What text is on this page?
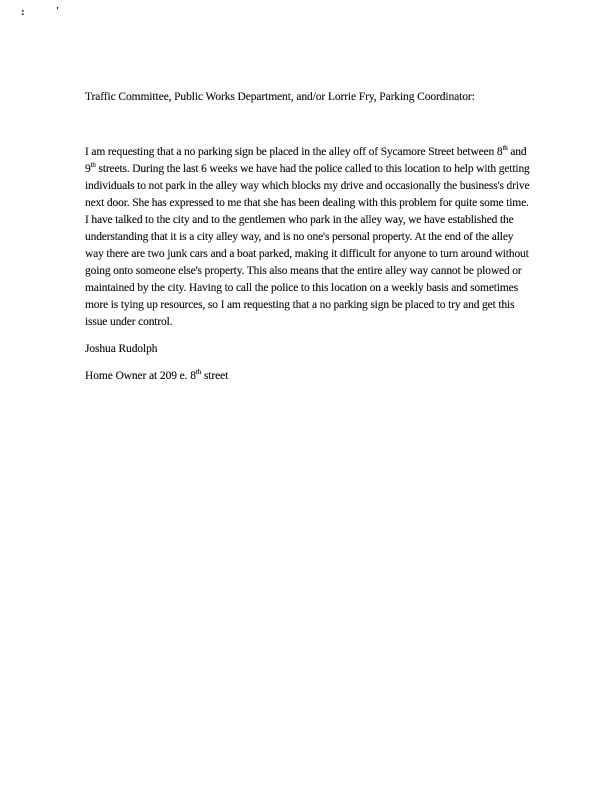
:	'
Traffic Committee, Public Works Department, and/or Lorrie Fry, Parking Coordinator:
I am requesting that a no parking sign be placed in the alley off of Sycamore Street between 8th and
9th streets. During the last 6 weeks we have had the police called to this location to help with getting
individuals to not park in the alley way which blocks my drive and occasionally the business's drive
next door. She has expressed to me that she has been dealing with this problem for quite some time.
I have talked to the city and to the gentlemen who park in the alley way, we have established the
understanding that it is a city alley way, and is no one's personal property. At the end of the alley
way there are two junk cars and a boat parked, making it difficult for anyone to turn around without
going onto someone else's property. This also means that the entire alley way cannot be plowed or
maintained by the city. Having to call the police to this location on a weekly basis and sometimes
more is tying up resources, so I am requesting that a no parking sign be placed to try and get this
issue under control.
Joshua Rudolph
Home Owner at 209 e. 8th street
